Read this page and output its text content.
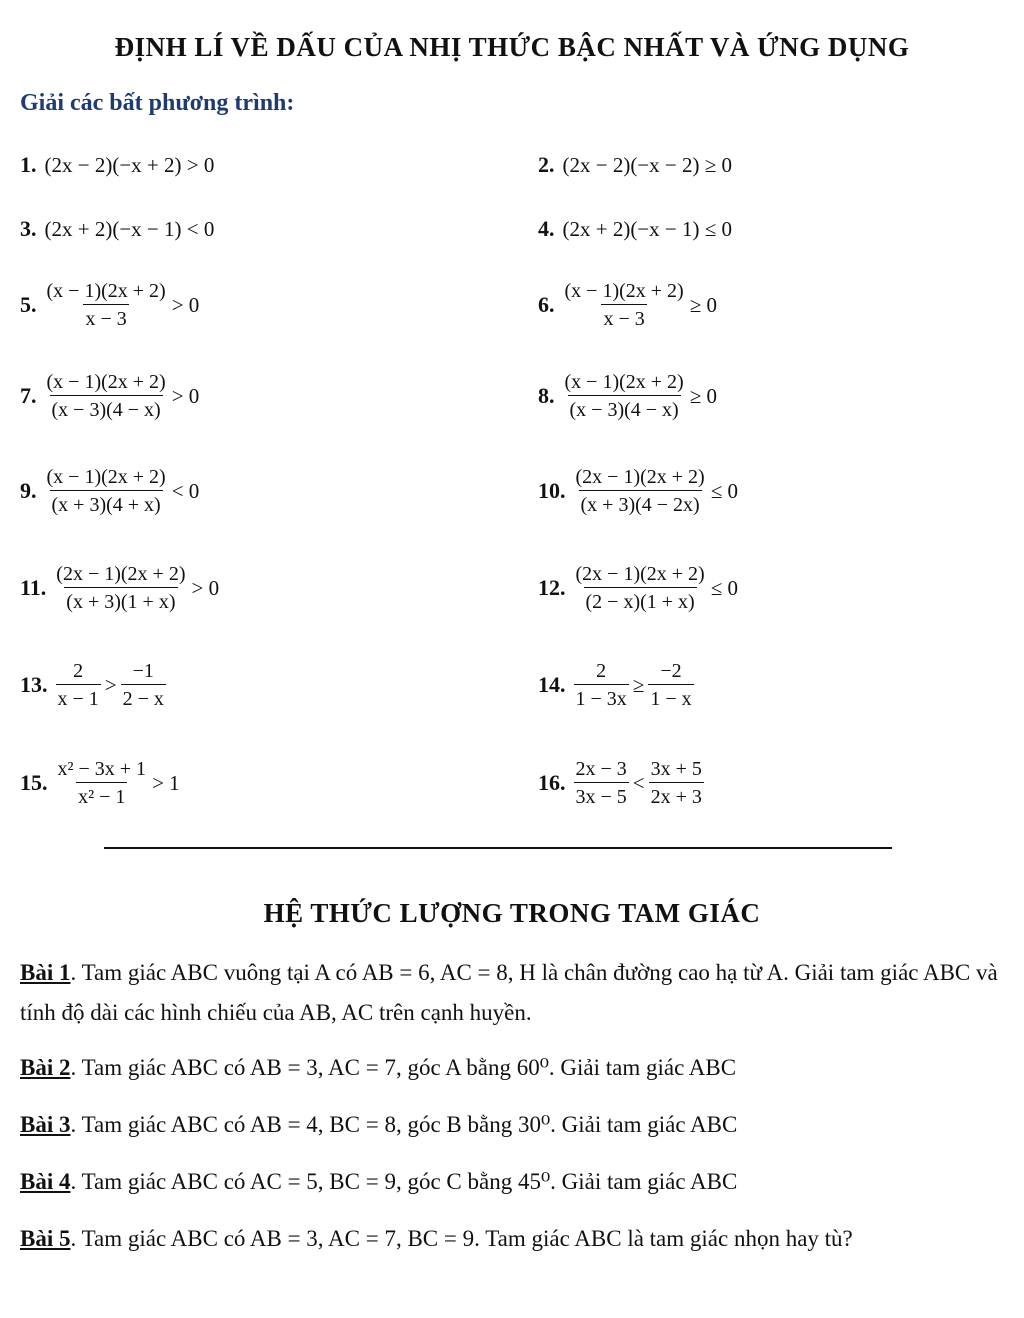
ĐỊNH LÍ VỀ DẤU CỦA NHỊ THỨC BẬC NHẤT VÀ ỨNG DỤNG
Giải các bất phương trình:
1. (2x − 2)(−x + 2) > 0	2. (2x − 2)(−x − 2) ≥ 0
3. (2x + 2)(−x − 1) < 0	4. (2x + 2)(−x − 1) ≤ 0
5. $\frac{(x - 1)(2x + 2)}{x - 3} > 0$	6. $\frac{(x - 1)(2x + 2)}{x - 3} \ge 0$
7. $\frac{(x - 1)(2x + 2)}{(x - 3)(4 - x)} > 0$	8. $\frac{(x - 1)(2x + 2)}{(x - 3)(4 - x)} \ge 0$
9. $\frac{(x - 1)(2x + 2)}{(x + 3)(4 + x)} < 0$	10. $\frac{(2x - 1)(2x + 2)}{(x + 3)(4 - 2x)} \le 0$
11. $\frac{(2x - 1)(2x + 2)}{(x + 3)(1 + x)} > 0$	12. $\frac{(2x - 1)(2x + 2)}{(2 - x)(1 + x)} \le 0$
13. $\frac{2}{x - 1} > \frac{-1}{2 - x}$	14. $\frac{2}{1 - 3x} \ge \frac{-2}{1 - x}$
15. $\frac{\text{x² − 3x + 1}}{\text{x² − 1}} > 1$	16. $\frac{2x - 3}{3x - 5} < \frac{3x + 5}{2x + 3}$
HỆ THỨC LƯỢNG TRONG TAM GIÁC
Bài 1. Tam giác ABC vuông tại A có AB = 6, AC = 8, H là chân đường cao hạ từ A. Giải tam giác ABC và tính độ dài các hình chiếu của AB, AC trên cạnh huyền.
Bài 2. Tam giác ABC có AB = 3, AC = 7, góc A bằng 60⁰. Giải tam giác ABC
Bài 3. Tam giác ABC có AB = 4, BC = 8, góc B bằng 30⁰. Giải tam giác ABC
Bài 4. Tam giác ABC có AC = 5, BC = 9, góc C bằng 45⁰. Giải tam giác ABC
Bài 5. Tam giác ABC có AB = 3, AC = 7, BC = 9. Tam giác ABC là tam giác nhọn hay tù?
